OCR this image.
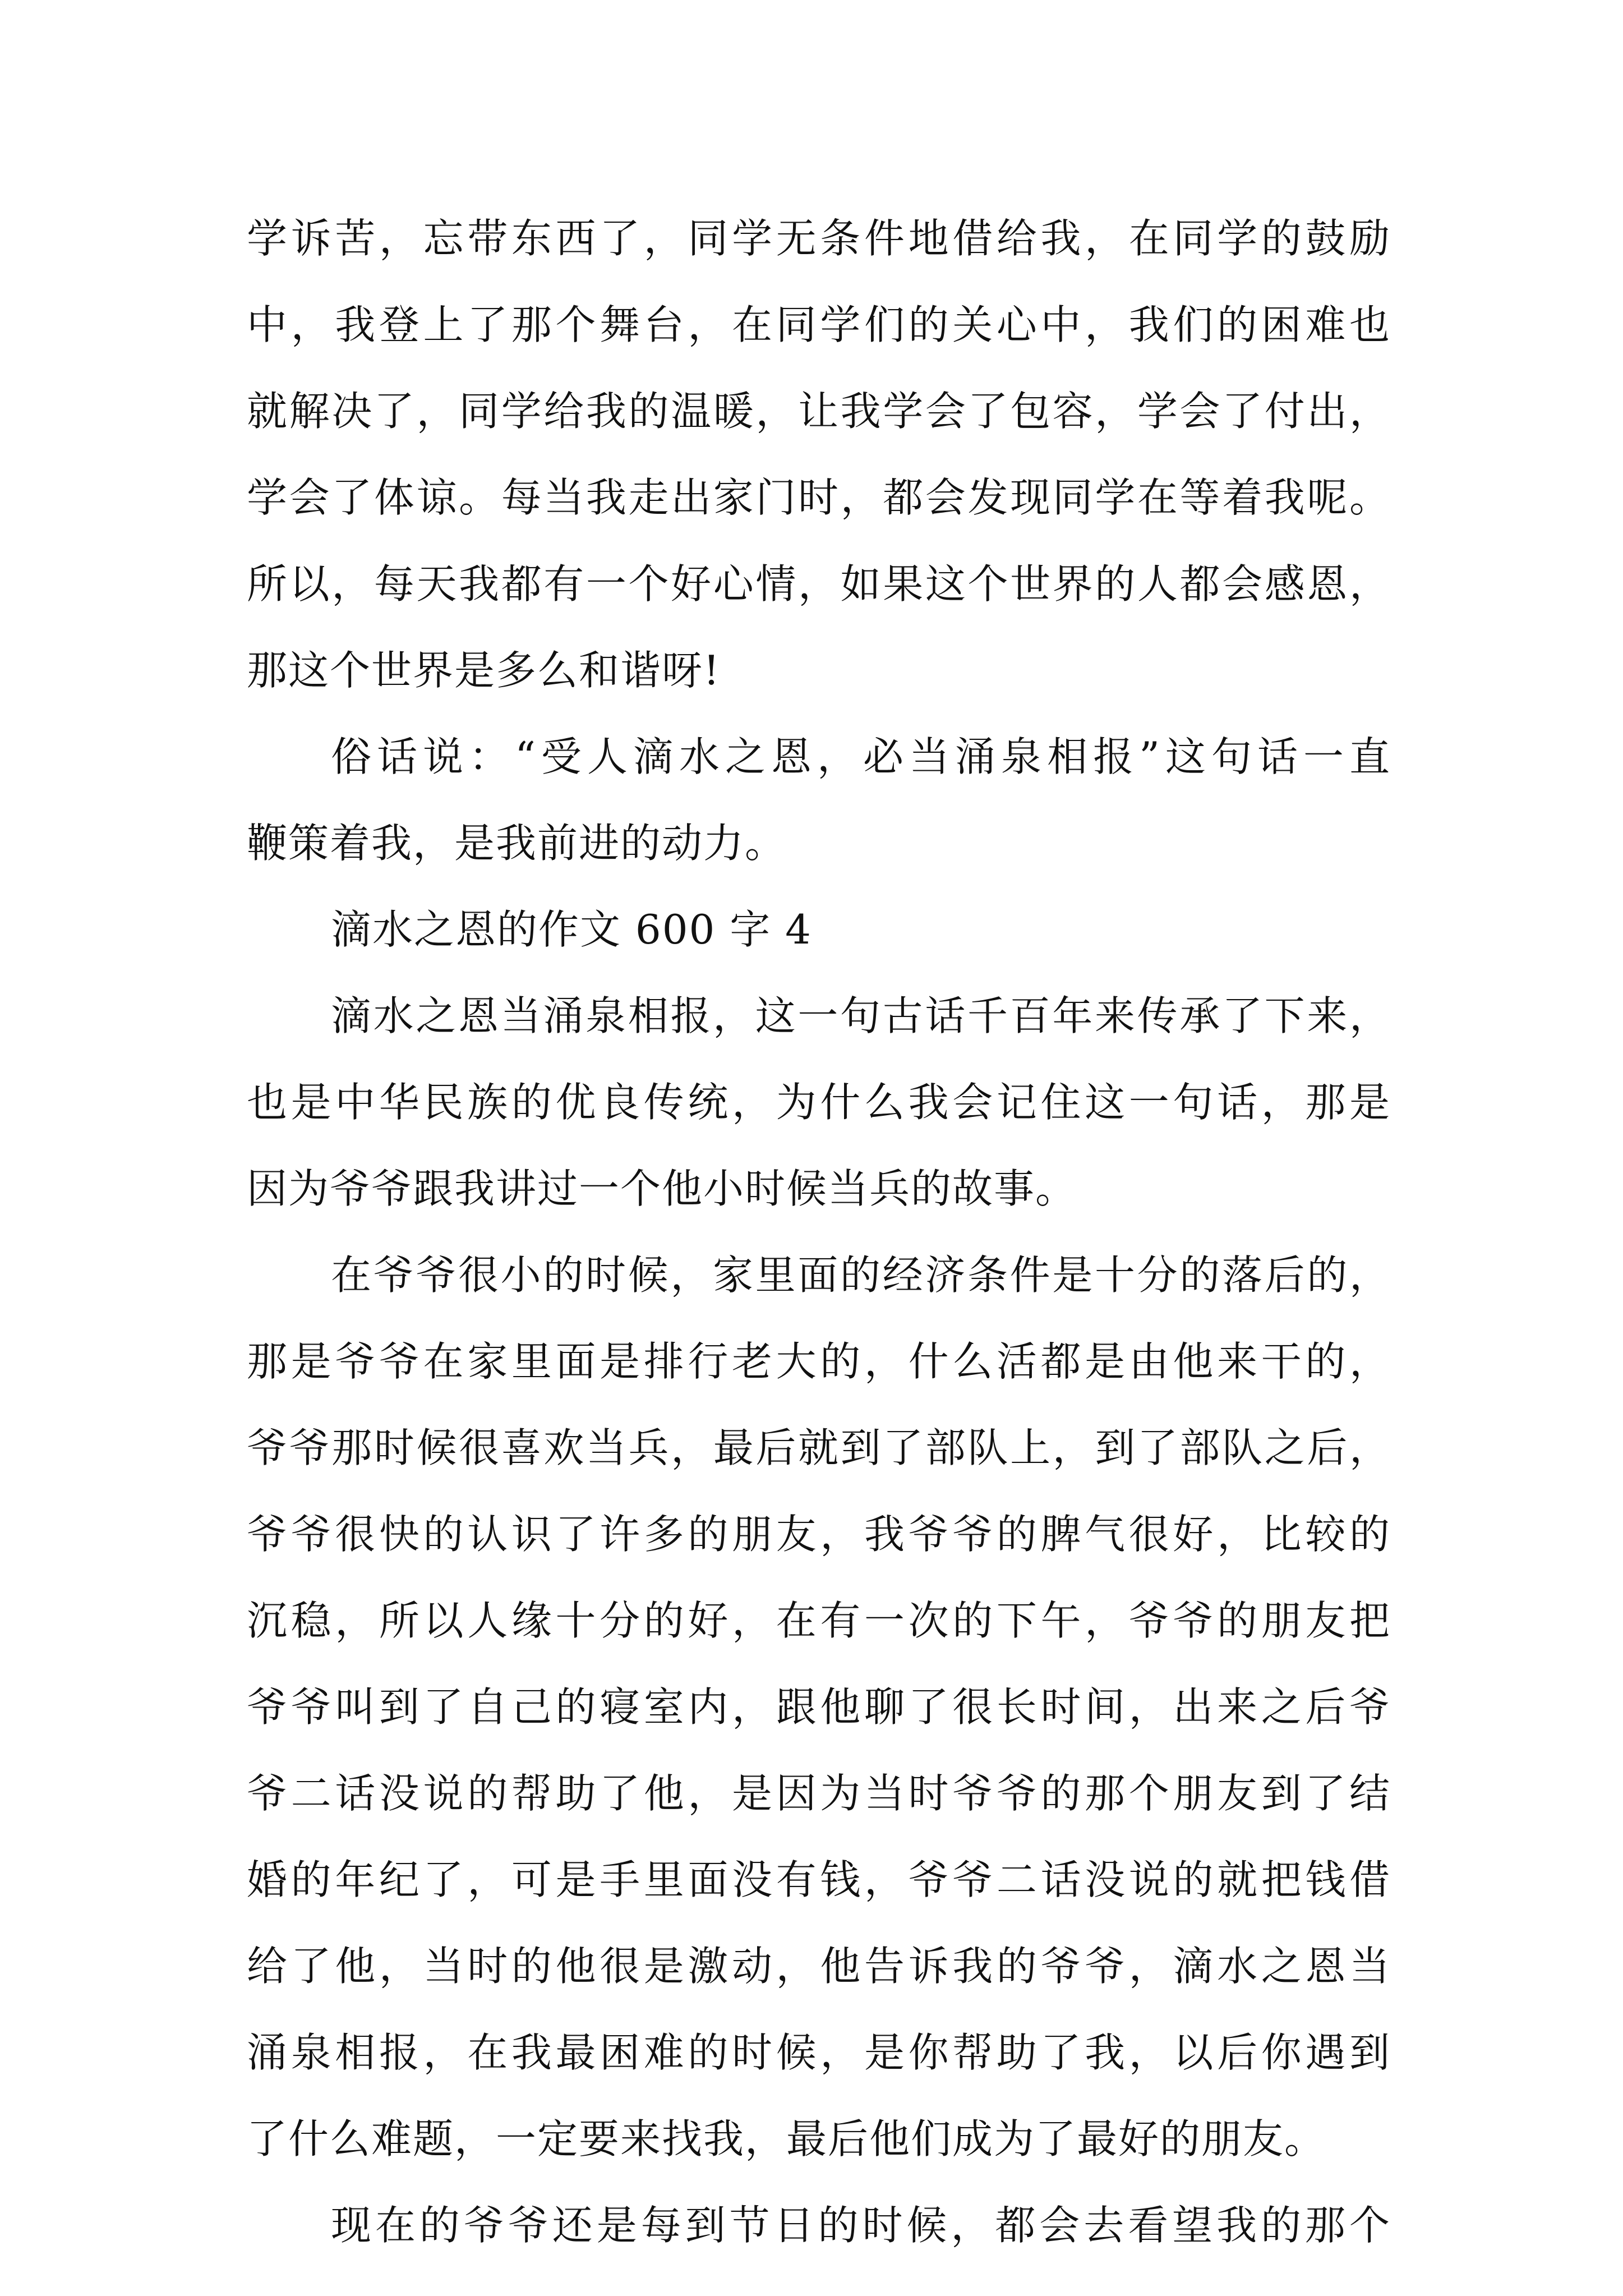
学诉苦，忘带东西了，同学无条件地借给我，在同学的鼓励
中，我登上了那个舞台，在同学们的关心中，我们的困难也
就解决了，同学给我的温暖，让我学会了包容，学会了付出，
学会了体谅。每当我走出家门时，都会发现同学在等着我呢。
所以，每天我都有一个好心情，如果这个世界的人都会感恩，
那这个世界是多么和谐呀!
俗话说：“受人滴水之恩，必当涌泉相报”这句话一直
鞭策着我，是我前进的动力。
滴水之恩的作文 600 字 4
滴水之恩当涌泉相报，这一句古话千百年来传承了下来，
也是中华民族的优良传统，为什么我会记住这一句话，那是
因为爷爷跟我讲过一个他小时候当兵的故事。
在爷爷很小的时候，家里面的经济条件是十分的落后的，
那是爷爷在家里面是排行老大的，什么活都是由他来干的，
爷爷那时候很喜欢当兵，最后就到了部队上，到了部队之后，
爷爷很快的认识了许多的朋友，我爷爷的脾气很好，比较的
沉稳，所以人缘十分的好，在有一次的下午，爷爷的朋友把
爷爷叫到了自己的寝室内，跟他聊了很长时间，出来之后爷
爷二话没说的帮助了他，是因为当时爷爷的那个朋友到了结
婚的年纪了，可是手里面没有钱，爷爷二话没说的就把钱借
给了他，当时的他很是激动，他告诉我的爷爷，滴水之恩当
涌泉相报，在我最困难的时候，是你帮助了我，以后你遇到
了什么难题，一定要来找我，最后他们成为了最好的朋友。
现在的爷爷还是每到节日的时候，都会去看望我的那个
